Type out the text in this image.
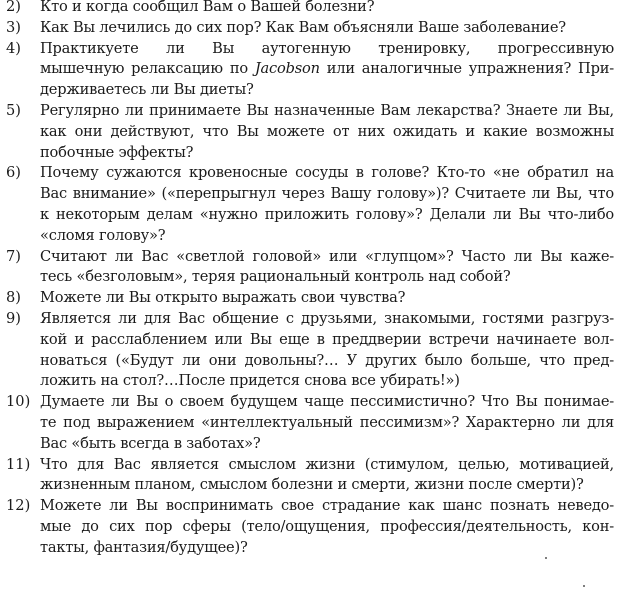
2)	Кто и когда сообщил Вам о Вашей болезни?
3)	Как Вы лечились до сих пор? Как Вам объясняли Ваше заболевание?
4)	Практикуете ли Вы аутогенную тренировку, прогрессивную
мышечную релаксацию по Jacobson или аналогичные упражнения? При-
держиваетесь ли Вы диеты?
5)	Регулярно ли принимаете Вы назначенные Вам лекарства? Знаете ли Вы,
как они действуют, что Вы можете от них ожидать и какие возможны
побочные эффекты?
6)	Почему сужаются кровеносные сосуды в голове? Кто-то «не обратил на
Вас внимание» («перепрыгнул через Вашу голову»)? Считаете ли Вы, что
к некоторым делам «нужно приложить голову»? Делали ли Вы что-либо
«сломя голову»?
7)	Считают ли Вас «светлой головой» или «глупцом»? Часто ли Вы каже-
тесь «безголовым», теряя рациональный контроль над собой?
8)	Можете ли Вы открыто выражать свои чувства?
9)	Является ли для Вас общение с друзьями, знакомыми, гостями разгруз-
кой и расслаблением или Вы еще в преддверии встречи начинаете вол-
новаться («Будут ли они довольны?… У других было больше, что пред-
ложить на стол?…После придется снова все убирать!»)
10) Думаете ли Вы о своем будущем чаще пессимистично? Что Вы понимае-
те под выражением «интеллектуальный пессимизм»? Характерно ли для
Вас «быть всегда в заботах»?
11) Что для Вас является смыслом жизни (стимулом, целью, мотивацией,
жизненным планом, смыслом болезни и смерти, жизни после смерти)?
12) Можете ли Вы воспринимать свое страдание как шанс познать неведо-
мые до сих пор сферы (тело/ощущения, профессия/деятельность, кон-
такты, фантазия/будущее)?
